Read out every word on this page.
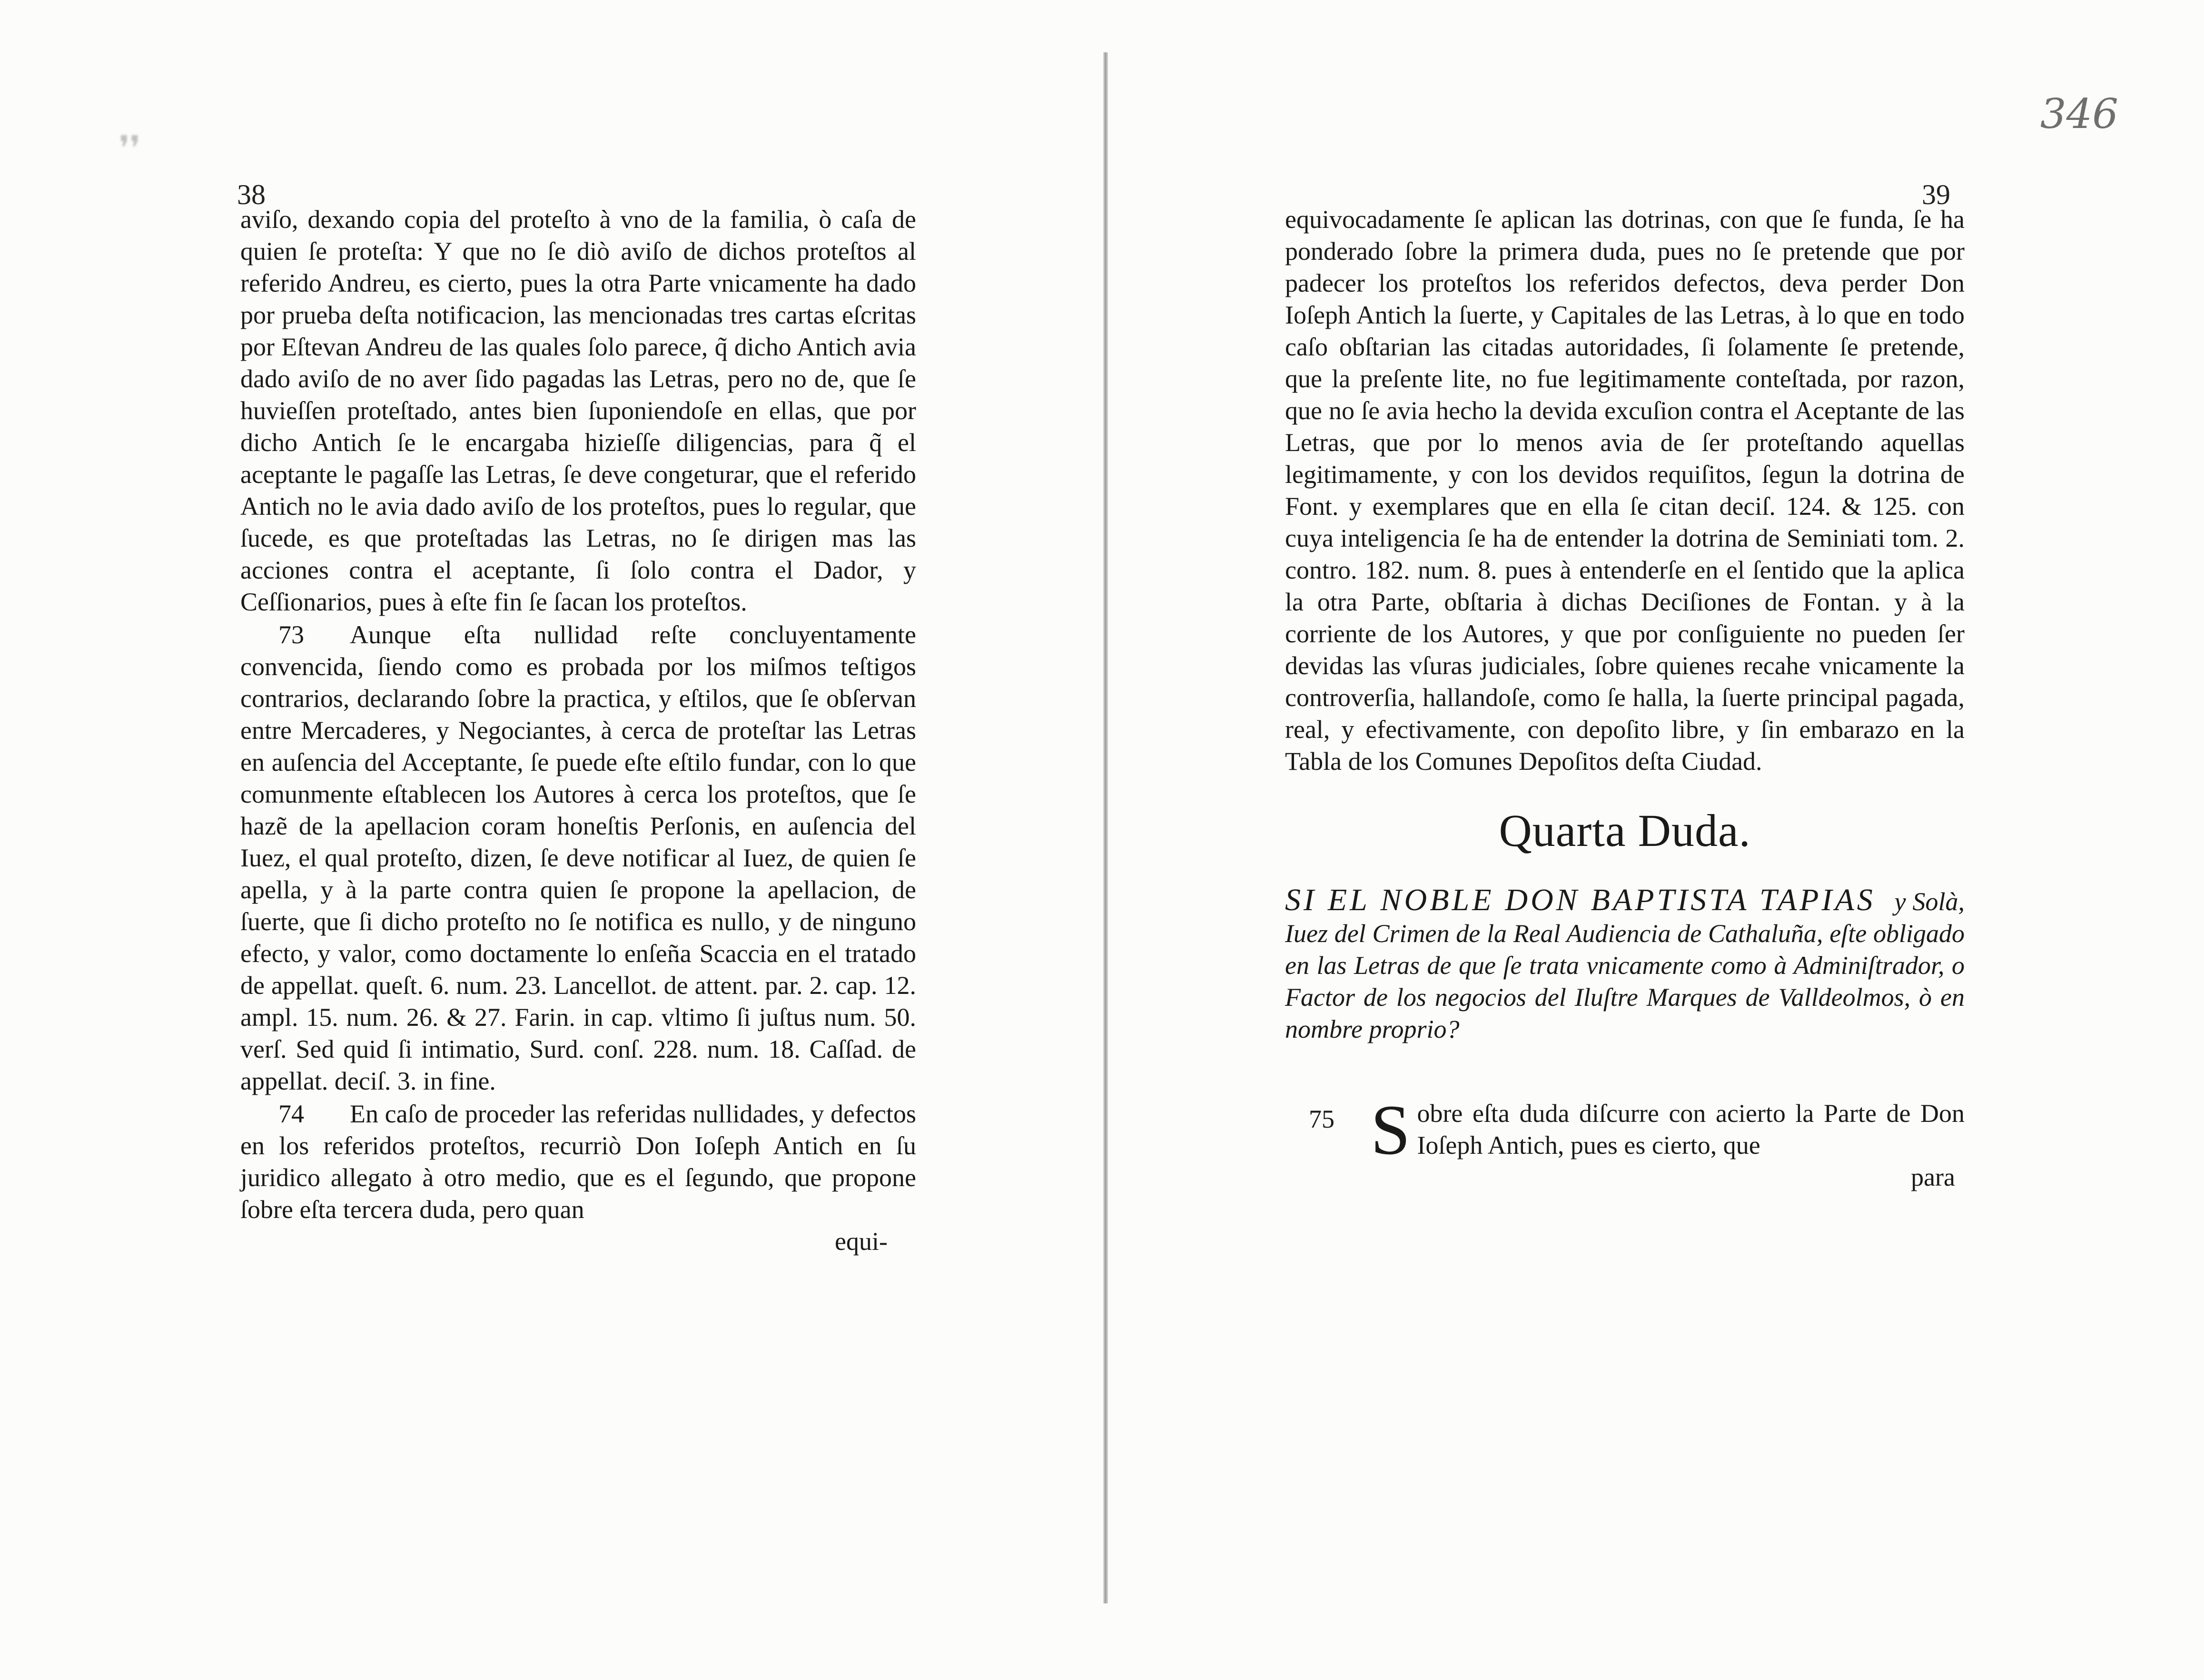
❜❜
38

aviſo, dexando copia del proteſto à vno de la familia, ò caſa de quien ſe proteſta: Y que no ſe diò aviſo de dichos proteſtos al referido Andreu, es cierto, pues la otra Parte vnicamente ha dado por prueba deſta notificacion, las mencionadas tres cartas eſcritas por Eſtevan Andreu de las quales ſolo parece, q̃ dicho Antich avia dado aviſo de no aver ſido pagadas las Letras, pero no de, que ſe huvieſſen proteſtado, antes bien ſuponiendoſe en ellas, que por dicho Antich ſe le encargaba hizieſſe diligencias, para q̃ el aceptante le pagaſſe las Letras, ſe deve congeturar, que el referido Antich no le avia dado aviſo de los proteſtos, pues lo regular, que ſucede, es que proteſtadas las Letras, no ſe dirigen mas las acciones contra el aceptante, ſi ſolo contra el Dador, y Ceſſionarios, pues à eſte fin ſe ſacan los proteſtos.

73 Aunque eſta nullidad reſte concluyentamente convencida, ſiendo como es probada por los miſmos teſtigos contrarios, declarando ſobre la practica, y eſtilos, que ſe obſervan entre Mercaderes, y Negociantes, à cerca de proteſtar las Letras en auſencia del Acceptante, ſe puede eſte eſtilo fundar, con lo que comunmente eſtablecen los Autores à cerca los proteſtos, que ſe hazẽ de la apellacion coram honeſtis Perſonis, en auſencia del Iuez, el qual proteſto, dizen, ſe deve notificar al Iuez, de quien ſe apella, y à la parte contra quien ſe propone la apellacion, de ſuerte, que ſi dicho proteſto no ſe notifica es nullo, y de ninguno efecto, y valor, como doctamente lo enſeña Scaccia en el tratado de appellat. queſt. 6. num. 23. Lancellot. de attent. par. 2. cap. 12. ampl. 15. num. 26. & 27. Farin. in cap. vltimo ſi juſtus num. 50. verſ. Sed quid ſi intimatio, Surd. conſ. 228. num. 18. Caſſad. de appellat. deciſ. 3. in fine.

74 En caſo de proceder las referidas nullidades, y defectos en los referidos proteſtos, recurriò Don Ioſeph Antich en ſu juridico allegato à otro medio, que es el ſegundo, que propone ſobre eſta tercera duda, pero quan

equi-
346
39

equivocadamente ſe aplican las dotrinas, con que ſe funda, ſe ha ponderado ſobre la primera duda, pues no ſe pretende que por padecer los proteſtos los referidos defectos, deva perder Don Ioſeph Antich la ſuerte, y Capitales de las Letras, à lo que en todo caſo obſtarian las citadas autoridades, ſi ſolamente ſe pretende, que la preſente lite, no fue legitimamente conteſtada, por razon, que no ſe avia hecho la devida excuſion contra el Aceptante de las Letras, que por lo menos avia de ſer proteſtando aquellas legitimamente, y con los devidos requiſitos, ſegun la dotrina de Font. y exemplares que en ella ſe citan deciſ. 124. & 125. con cuya inteligencia ſe ha de entender la dotrina de Seminiati tom. 2. contro. 182. num. 8. pues à entenderſe en el ſentido que la aplica la otra Parte, obſtaria à dichas Deciſiones de Fontan. y à la corriente de los Autores, y que por conſiguiente no pueden ſer devidas las vſuras judiciales, ſobre quienes recahe vnicamente la controverſia, hallandoſe, como ſe halla, la ſuerte principal pagada, real, y efectivamente, con depoſito libre, y ſin embarazo en la Tabla de los Comunes Depoſitos deſta Ciudad.

Quarta Duda.
SI EL NOBLE DON BAPTISTA TAPIAS y Solà, Iuez del Crimen de la Real Audiencia de Cathaluña, eſte obligado en las Letras de que ſe trata vnicamente como à Adminiſtrador, o Factor de los negocios del Iluſtre Marques de Valldeolmos, ò en nombre proprio?
75 S obre eſta duda diſcurre con acierto la Parte de Don Ioſeph Antich, pues es cierto, que
para
